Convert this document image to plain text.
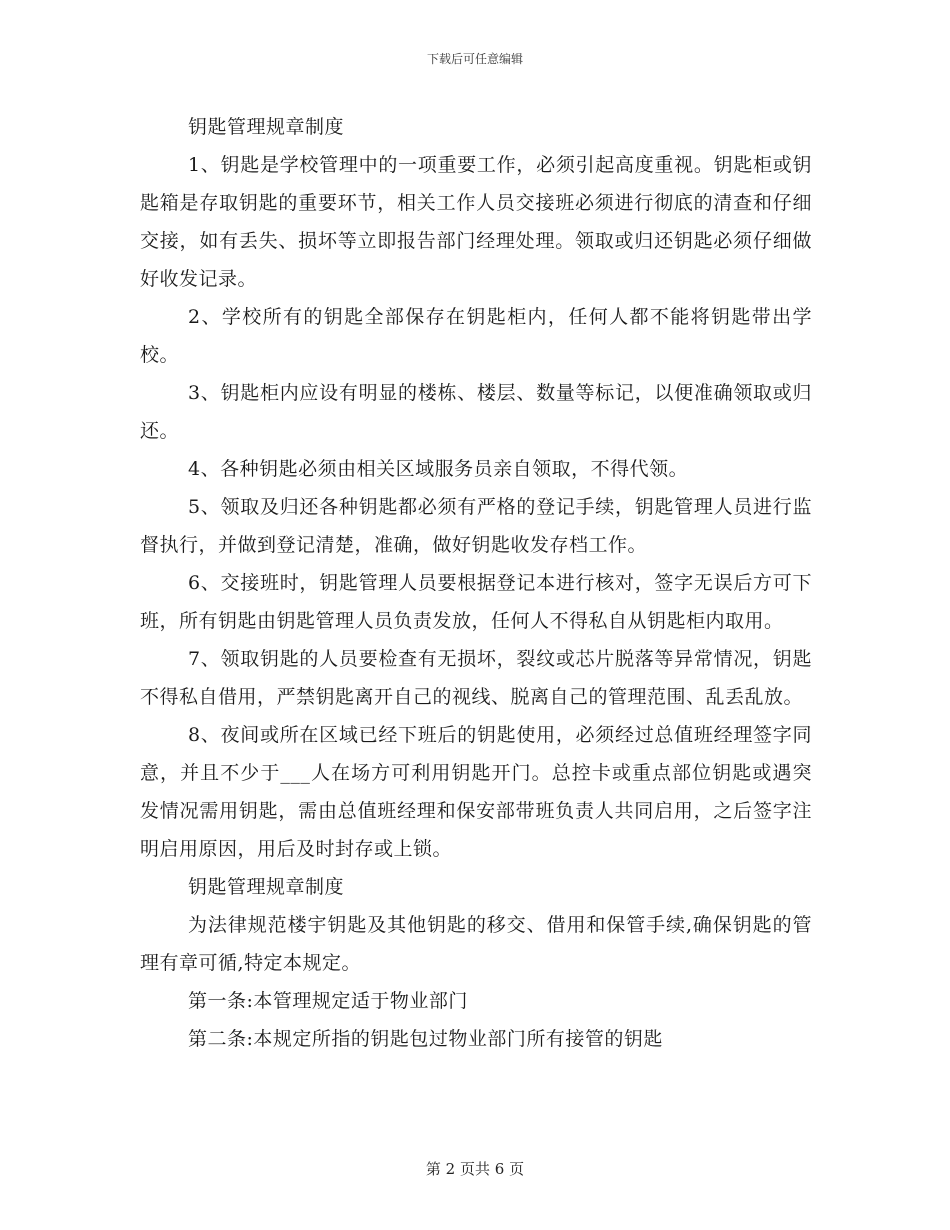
下载后可任意编辑

钥匙管理规章制度

1、钥匙是学校管理中的一项重要工作，必须引起高度重视。钥匙柜或钥匙箱是存取钥匙的重要环节，相关工作人员交接班必须进行彻底的清查和仔细交接，如有丢失、损坏等立即报告部门经理处理。领取或归还钥匙必须仔细做好收发记录。

2、学校所有的钥匙全部保存在钥匙柜内，任何人都不能将钥匙带出学校。

3、钥匙柜内应设有明显的楼栋、楼层、数量等标记，以便准确领取或归还。

4、各种钥匙必须由相关区域服务员亲自领取，不得代领。

5、领取及归还各种钥匙都必须有严格的登记手续，钥匙管理人员进行监督执行，并做到登记清楚，准确，做好钥匙收发存档工作。

6、交接班时，钥匙管理人员要根据登记本进行核对，签字无误后方可下班，所有钥匙由钥匙管理人员负责发放，任何人不得私自从钥匙柜内取用。

7、领取钥匙的人员要检查有无损坏，裂纹或芯片脱落等异常情况，钥匙不得私自借用，严禁钥匙离开自己的视线、脱离自己的管理范围、乱丢乱放。

8、夜间或所在区域已经下班后的钥匙使用，必须经过总值班经理签字同意，并且不少于___人在场方可利用钥匙开门。总控卡或重点部位钥匙或遇突发情况需用钥匙，需由总值班经理和保安部带班负责人共同启用，之后签字注明启用原因，用后及时封存或上锁。

钥匙管理规章制度

为法律规范楼宇钥匙及其他钥匙的移交、借用和保管手续,确保钥匙的管理有章可循,特定本规定。

第一条:本管理规定适于物业部门

第二条:本规定所指的钥匙包过物业部门所有接管的钥匙

第 2 页共 6 页
